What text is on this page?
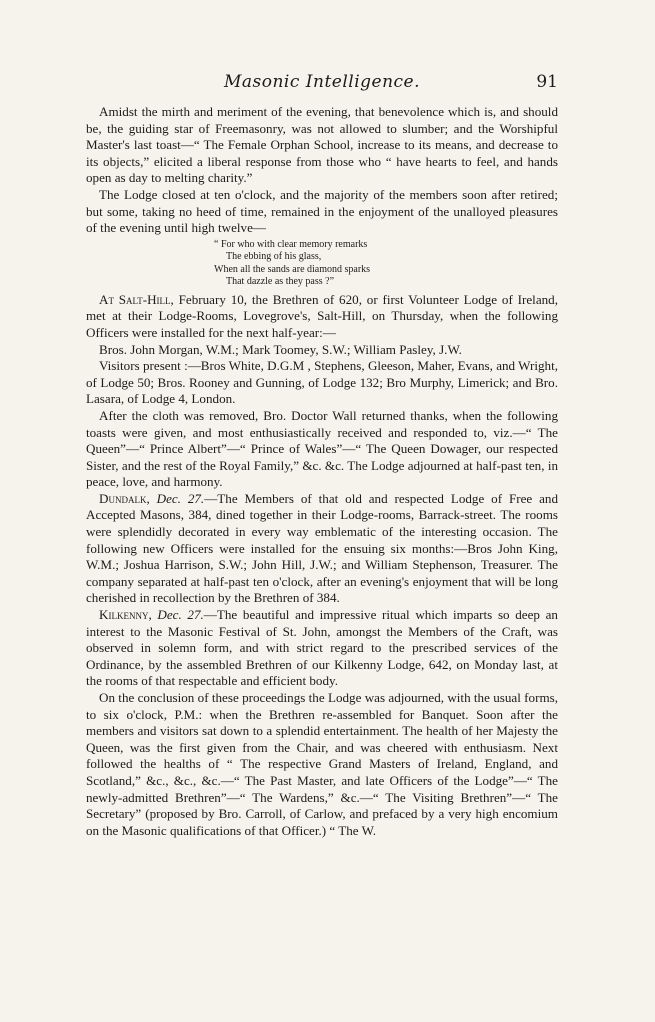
Masonic Intelligence.	91

Amidst the mirth and meriment of the evening, that benevolence which is, and should be, the guiding star of Freemasonry, was not allowed to slumber; and the Worshipful Master's last toast—“ The Female Orphan School, increase to its means, and decrease to its objects,” elicited a liberal response from those who “ have hearts to feel, and hands open as day to melting charity.”

The Lodge closed at ten o'clock, and the majority of the members soon after retired; but some, taking no heed of time, remained in the enjoyment of the unalloyed pleasures of the evening until high twelve—

“ For who with clear memory remarks
The ebbing of his glass,
When all the sands are diamond sparks
That dazzle as they pass ?”

At Salt-Hill, February 10, the Brethren of 620, or first Volunteer Lodge of Ireland, met at their Lodge-Rooms, Lovegrove's, Salt-Hill, on Thursday, when the following Officers were installed for the next half-year:—

Bros. John Morgan, W.M.; Mark Toomey, S.W.; William Pasley, J.W.

Visitors present :—Bros White, D.G.M , Stephens, Gleeson, Maher, Evans, and Wright, of Lodge 50; Bros. Rooney and Gunning, of Lodge 132; Bro Murphy, Limerick; and Bro. Lasara, of Lodge 4, London.

After the cloth was removed, Bro. Doctor Wall returned thanks, when the following toasts were given, and most enthusiastically received and responded to, viz.—“ The Queen”—“ Prince Albert”—“ Prince of Wales”—“ The Queen Dowager, our respected Sister, and the rest of the Royal Family,” &c. &c. The Lodge adjourned at half-past ten, in peace, love, and harmony.

Dundalk, Dec. 27.—The Members of that old and respected Lodge of Free and Accepted Masons, 384, dined together in their Lodge-rooms, Barrack-street. The rooms were splendidly decorated in every way emblematic of the interesting occasion. The following new Officers were installed for the ensuing six months:—Bros John King, W.M.; Joshua Harrison, S.W.; John Hill, J.W.; and William Stephenson, Treasurer. The company separated at half-past ten o'clock, after an evening's enjoyment that will be long cherished in recollection by the Brethren of 384.

Kilkenny, Dec. 27.—The beautiful and impressive ritual which imparts so deep an interest to the Masonic Festival of St. John, amongst the Members of the Craft, was observed in solemn form, and with strict regard to the prescribed services of the Ordinance, by the assembled Brethren of our Kilkenny Lodge, 642, on Monday last, at the rooms of that respectable and efficient body.

On the conclusion of these proceedings the Lodge was adjourned, with the usual forms, to six o'clock, P.M.: when the Brethren re-assembled for Banquet. Soon after the members and visitors sat down to a splendid entertainment. The health of her Majesty the Queen, was the first given from the Chair, and was cheered with enthusiasm. Next followed the healths of “ The respective Grand Masters of Ireland, England, and Scotland,” &c., &c., &c.—“ The Past Master, and late Officers of the Lodge”—“ The newly-admitted Brethren”—“ The Wardens,” &c.—“ The Visiting Brethren”—“ The Secretary” (proposed by Bro. Carroll, of Carlow, and prefaced by a very high encomium on the Masonic qualifications of that Officer.) “ The W.
